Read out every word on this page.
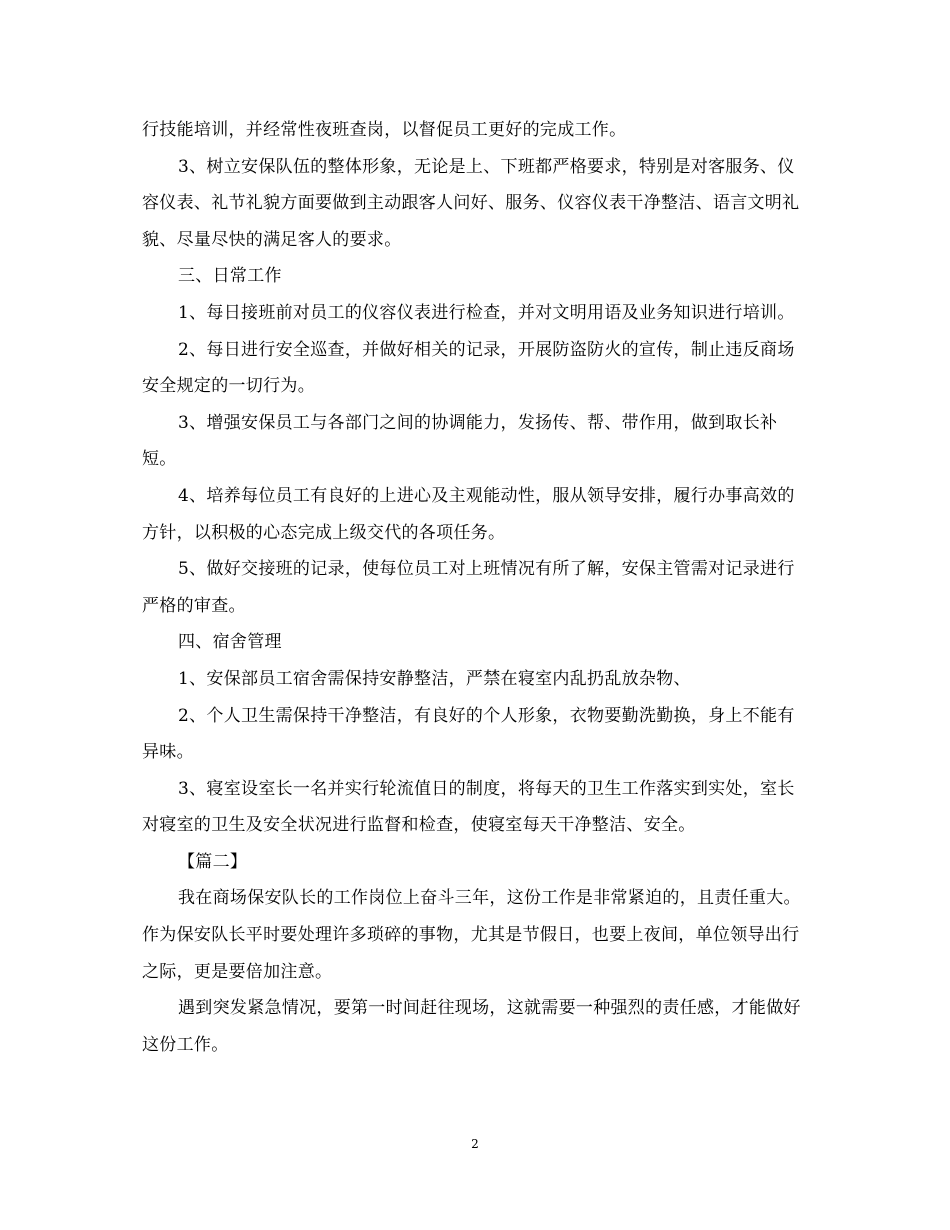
行技能培训，并经常性夜班查岗，以督促员工更好的完成工作。

3、树立安保队伍的整体形象，无论是上、下班都严格要求，特别是对客服务、仪容仪表、礼节礼貌方面要做到主动跟客人问好、服务、仪容仪表干净整洁、语言文明礼貌、尽量尽快的满足客人的要求。

三、日常工作

1、每日接班前对员工的仪容仪表进行检查，并对文明用语及业务知识进行培训。

2、每日进行安全巡查，并做好相关的记录，开展防盗防火的宣传，制止违反商场安全规定的一切行为。

3、增强安保员工与各部门之间的协调能力，发扬传、帮、带作用，做到取长补短。

4、培养每位员工有良好的上进心及主观能动性，服从领导安排，履行办事高效的方针，以积极的心态完成上级交代的各项任务。

5、做好交接班的记录，使每位员工对上班情况有所了解，安保主管需对记录进行严格的审查。

四、宿舍管理

1、安保部员工宿舍需保持安静整洁，严禁在寝室内乱扔乱放杂物、

2、个人卫生需保持干净整洁，有良好的个人形象，衣物要勤洗勤换，身上不能有异味。

3、寝室设室长一名并实行轮流值日的制度，将每天的卫生工作落实到实处，室长对寝室的卫生及安全状况进行监督和检查，使寝室每天干净整洁、安全。

【篇二】

我在商场保安队长的工作岗位上奋斗三年，这份工作是非常紧迫的，且责任重大。作为保安队长平时要处理许多琐碎的事物，尤其是节假日，也要上夜间，单位领导出行之际，更是要倍加注意。

遇到突发紧急情况，要第一时间赶往现场，这就需要一种强烈的责任感，才能做好这份工作。

2
